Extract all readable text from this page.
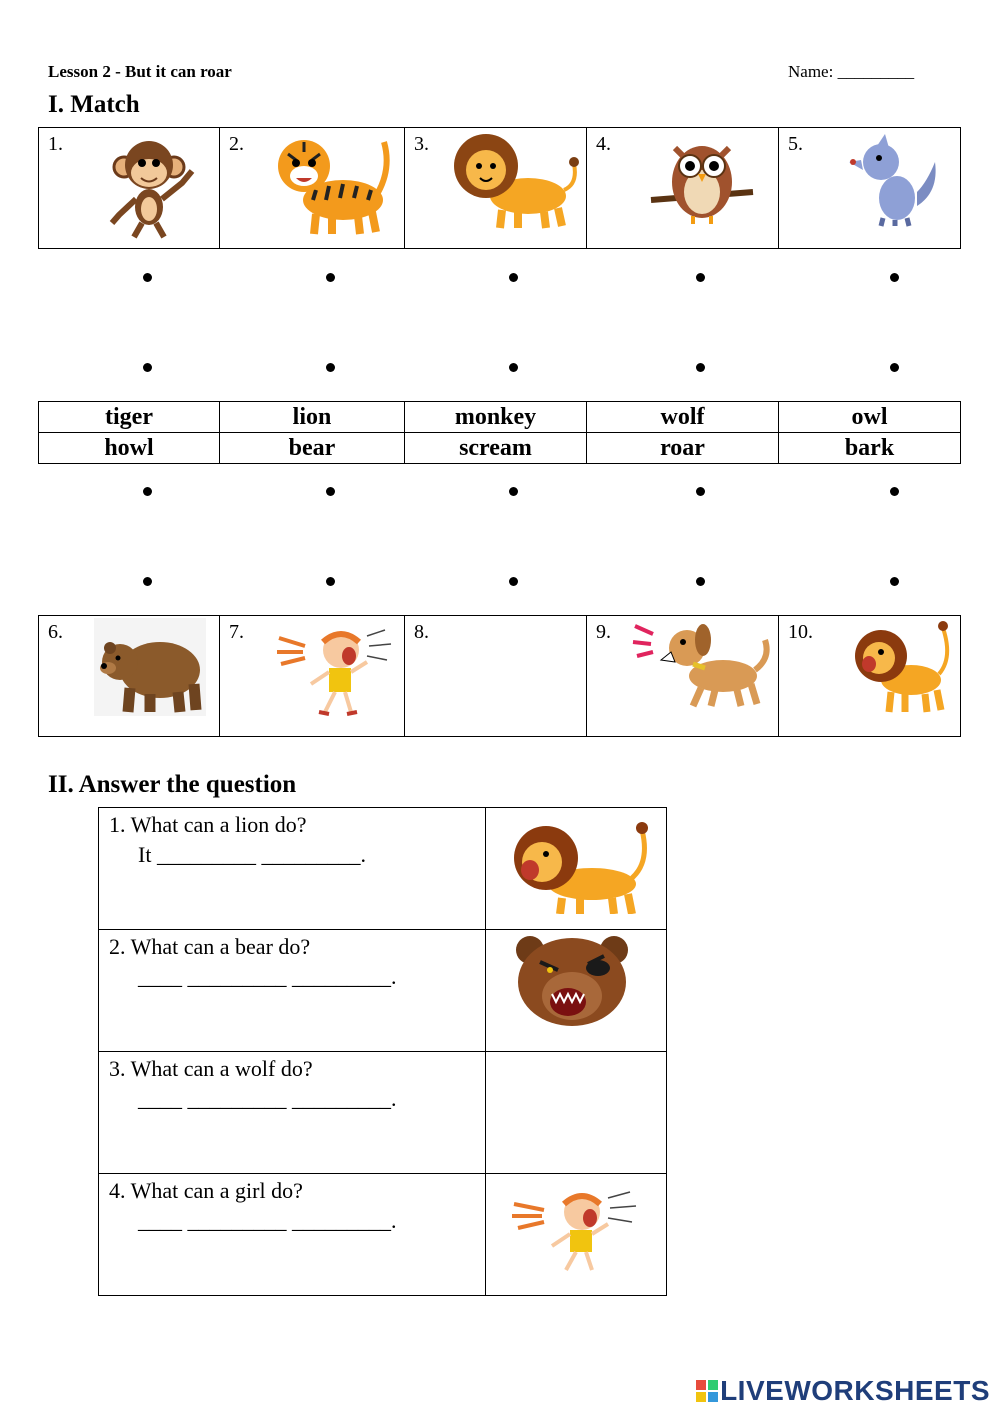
Lesson 2 - But it can roar	Name: _________
I. Match
1.	2.	3.	4.	5.
tiger	lion	monkey	wolf	owl
howl	bear	scream	roar	bark
6.	7.	8.	9.	10.
II. Answer the question
1. What can a lion do?
It _________ _________.

2. What can a bear do?
____ _________ _________.

3. What can a wolf do?
____ _________ _________.	

4. What can a girl do?
____ _________ _________.

LIVEWORKSHEETS
